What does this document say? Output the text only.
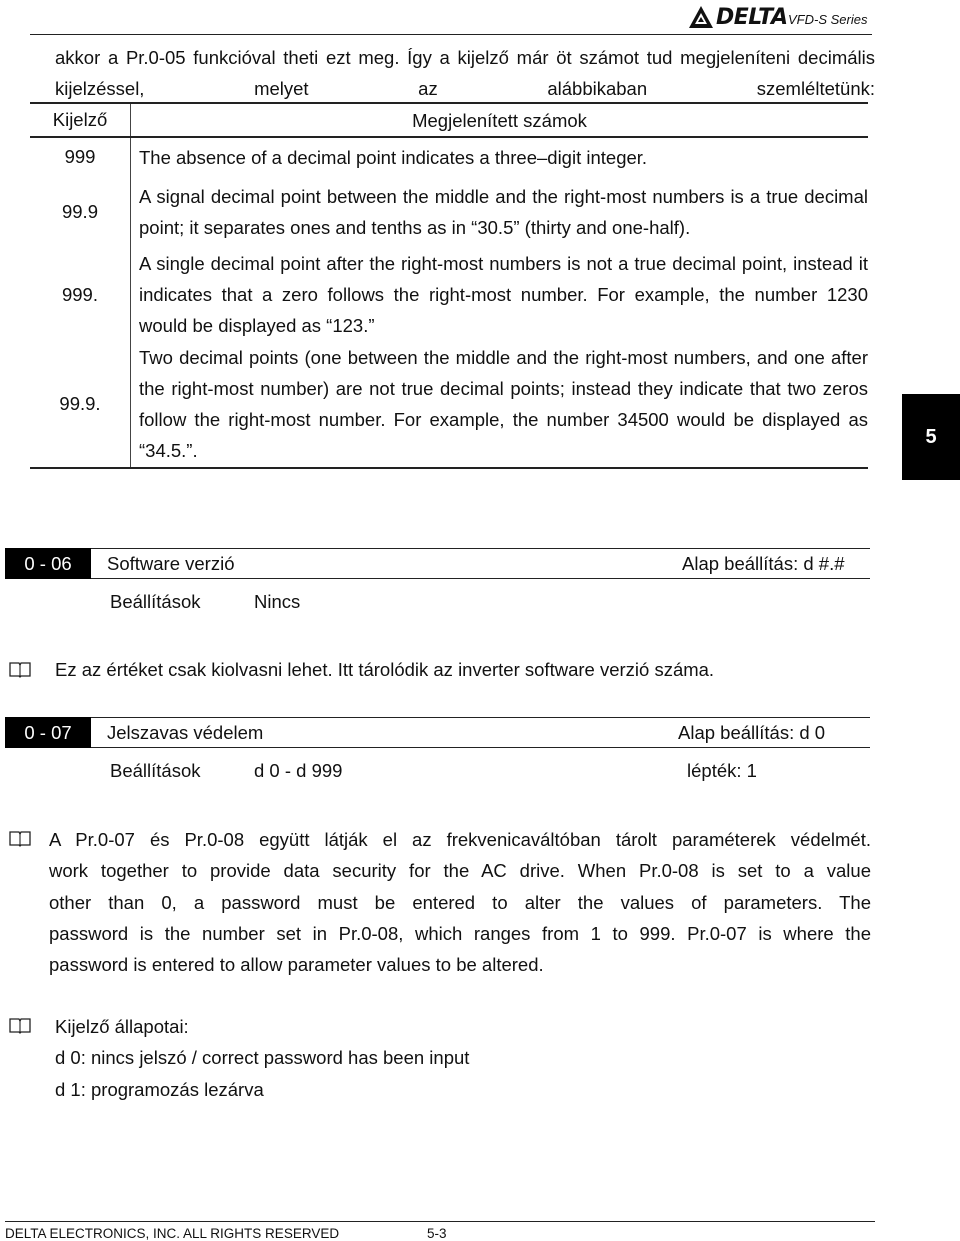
DELTA VFD-S Series
akkor a Pr.0-05 funkcióval theti ezt meg. Így a kijelző már öt számot tud megjeleníteni decimális kijelzéssel, melyet az alábbikaban szemléltetünk:
Kijelző	Megjelenített számok
999	The absence of a decimal point indicates a three–digit integer.
99.9	A signal decimal point between the middle and the right-most numbers is a true decimal point; it separates ones and tenths as in “30.5” (thirty and one-half).
999.	A single decimal point after the right-most numbers is not a true decimal point, instead it indicates that a zero follows the right-most number. For example, the number 1230 would be displayed as “123.”
99.9.	Two decimal points (one between the middle and the right-most numbers, and one after the right-most number) are not true decimal points; instead they indicate that two zeros follow the right-most number. For example, the number 34500 would be displayed as “34.5.”.
5
0 - 06	Software verzió	Alap beállítás: d #.#
Beállítások	Nincs
Ez az értéket csak kiolvasni lehet. Itt tárolódik az inverter software verzió száma.
0 - 07	Jelszavas védelem	Alap beállítás: d 0
Beállítások	d 0 - d 999	lépték: 1
A Pr.0-07 és Pr.0-08 együtt látják el az frekvenicaváltóban tárolt paraméterek védelmét.
work together to provide data security for the AC drive. When Pr.0-08 is set to a value
other than 0, a password must be entered to alter the values of parameters. The
password is the number set in Pr.0-08, which ranges from 1 to 999. Pr.0-07 is where the
password is entered to allow parameter values to be altered.
Kijelző állapotai:
d 0: nincs jelszó / correct password has been input
d 1: programozás lezárva
DELTA ELECTRONICS, INC. ALL RIGHTS RESERVED	5-3
